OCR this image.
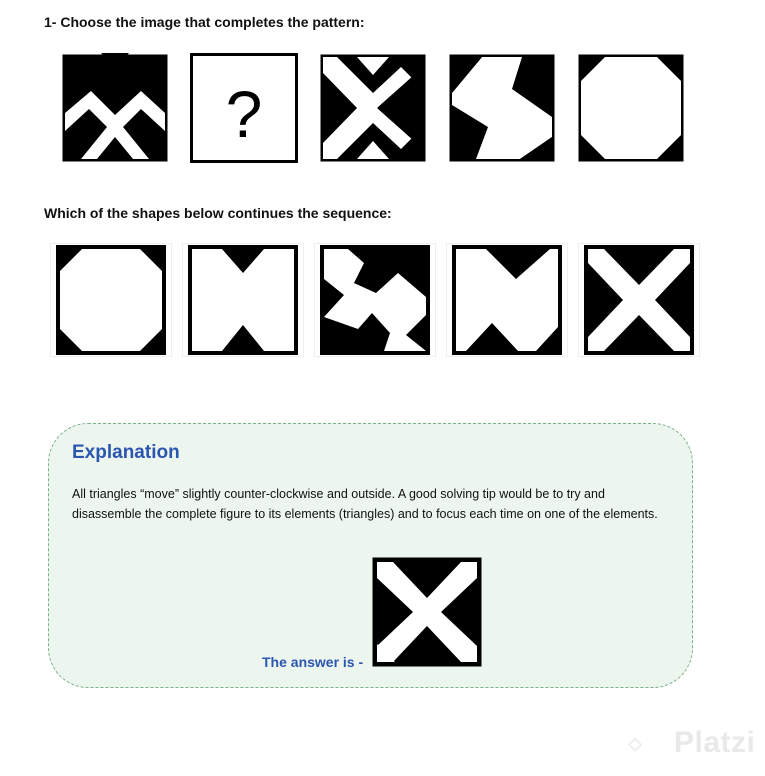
1- Choose the image that completes the pattern:

?

Which of the shapes below continues the sequence:

Explanation

All triangles “move” slightly counter-clockwise and outside. A good solving tip would be to try and disassemble the complete figure to its elements (triangles) and to focus each time on one of the elements.

The answer is -

Platzi
